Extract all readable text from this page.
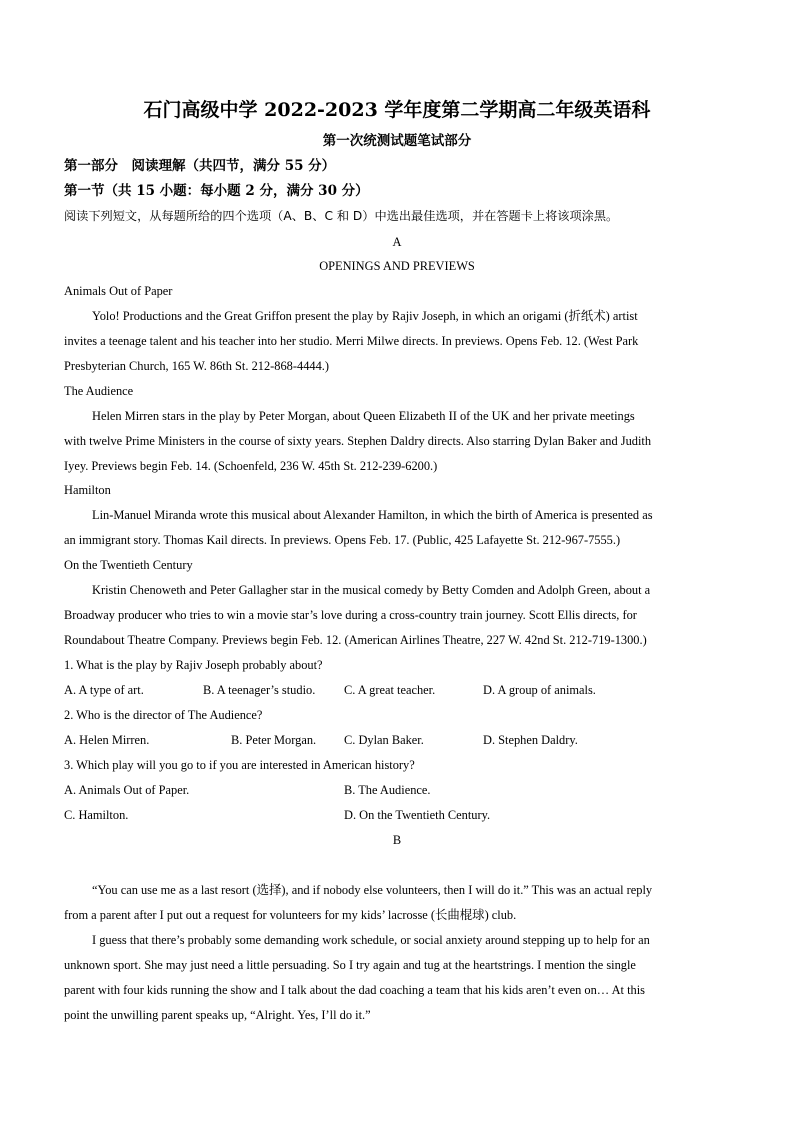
石门高级中学 2022-2023 学年度第二学期高二年级英语科
第一次统测试题笔试部分
第一部分　阅读理解（共四节，满分 55 分）
第一节（共 15 小题：每小题 2 分，满分 30 分）
阅读下列短文，从每题所给的四个选项（A、B、C 和 D）中选出最佳选项，并在答题卡上将该项涂黑。
A
OPENINGS AND PREVIEWS
Animals Out of Paper
Yolo! Productions and the Great Griffon present the play by Rajiv Joseph, in which an origami (折纸术) artist
invites a teenage talent and his teacher into her studio. Merri Milwe directs. In previews. Opens Feb. 12. (West Park
Presbyterian Church, 165 W. 86th St. 212-868-4444.)
The Audience
Helen Mirren stars in the play by Peter Morgan, about Queen Elizabeth II of the UK and her private meetings
with twelve Prime Ministers in the course of sixty years. Stephen Daldry directs. Also starring Dylan Baker and Judith
Iyey. Previews begin Feb. 14. (Schoenfeld, 236 W. 45th St. 212-239-6200.)
Hamilton
Lin-Manuel Miranda wrote this musical about Alexander Hamilton, in which the birth of America is presented as
an immigrant story. Thomas Kail directs. In previews. Opens Feb. 17. (Public, 425 Lafayette St. 212-967-7555.)
On the Twentieth Century
Kristin Chenoweth and Peter Gallagher star in the musical comedy by Betty Comden and Adolph Green, about a
Broadway producer who tries to win a movie star’s love during a cross-country train journey. Scott Ellis directs, for
Roundabout Theatre Company. Previews begin Feb. 12. (American Airlines Theatre, 227 W. 42nd St. 212-719-1300.)
1. What is the play by Rajiv Joseph probably about?
A. A type of art.	B. A teenager’s studio. C. A great teacher.	D. A group of animals.
2. Who is the director of The Audience?
A. Helen Mirren.	B. Peter Morgan. C. Dylan Baker.	D. Stephen Daldry.
3. Which play will you go to if you are interested in American history?
A. Animals Out of Paper.	B. The Audience.
C. Hamilton.	D. On the Twentieth Century.
B
“You can use me as a last resort (选择), and if nobody else volunteers, then I will do it.” This was an actual reply
from a parent after I put out a request for volunteers for my kids’ lacrosse (长曲棍球) club.
I guess that there’s probably some demanding work schedule, or social anxiety around stepping up to help for an
unknown sport. She may just need a little persuading. So I try again and tug at the heartstrings. I mention the single
parent with four kids running the show and I talk about the dad coaching a team that his kids aren’t even on… At this
point the unwilling parent speaks up, “Alright. Yes, I’ll do it.”
